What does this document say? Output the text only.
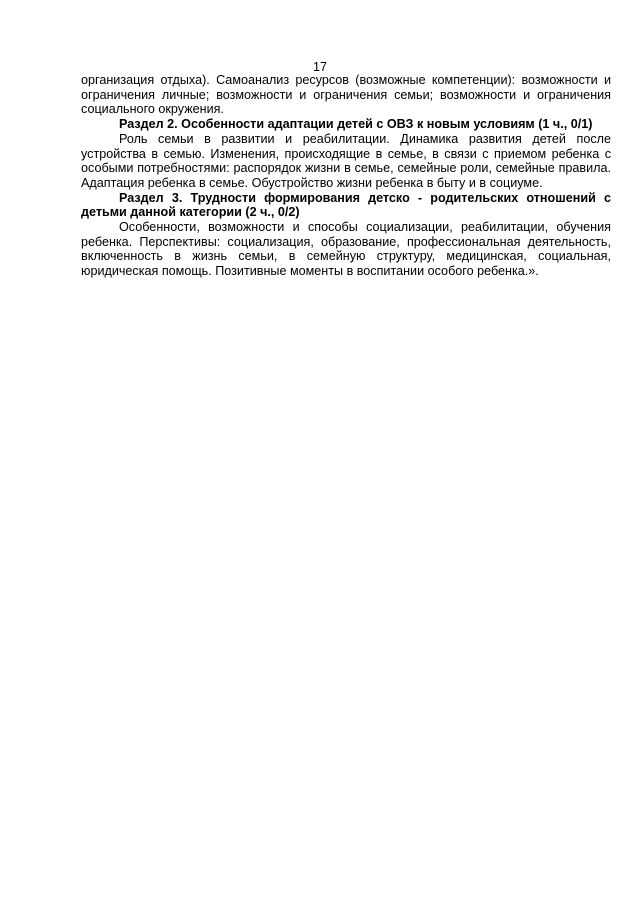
17

организация отдыха). Самоанализ ресурсов (возможные компетенции): возможности и ограничения личные; возможности и ограничения семьи; возможности и ограничения социального окружения.

Раздел 2. Особенности адаптации детей с ОВЗ к новым условиям (1 ч., 0/1)

Роль семьи в развитии и реабилитации. Динамика развития детей после устройства в семью. Изменения, происходящие в семье, в связи с приемом ребенка с особыми потребностями: распорядок жизни в семье, семейные роли, семейные правила. Адаптация ребенка в семье. Обустройство жизни ребенка в быту и в социуме.

Раздел 3. Трудности формирования детско - родительских отношений с детьми данной категории (2 ч., 0/2)

Особенности, возможности и способы социализации, реабилитации, обучения ребенка. Перспективы: социализация, образование, профессиональная деятельность, включенность в жизнь семьи, в семейную структуру, медицинская, социальная, юридическая помощь. Позитивные моменты в воспитании особого ребенка.».
